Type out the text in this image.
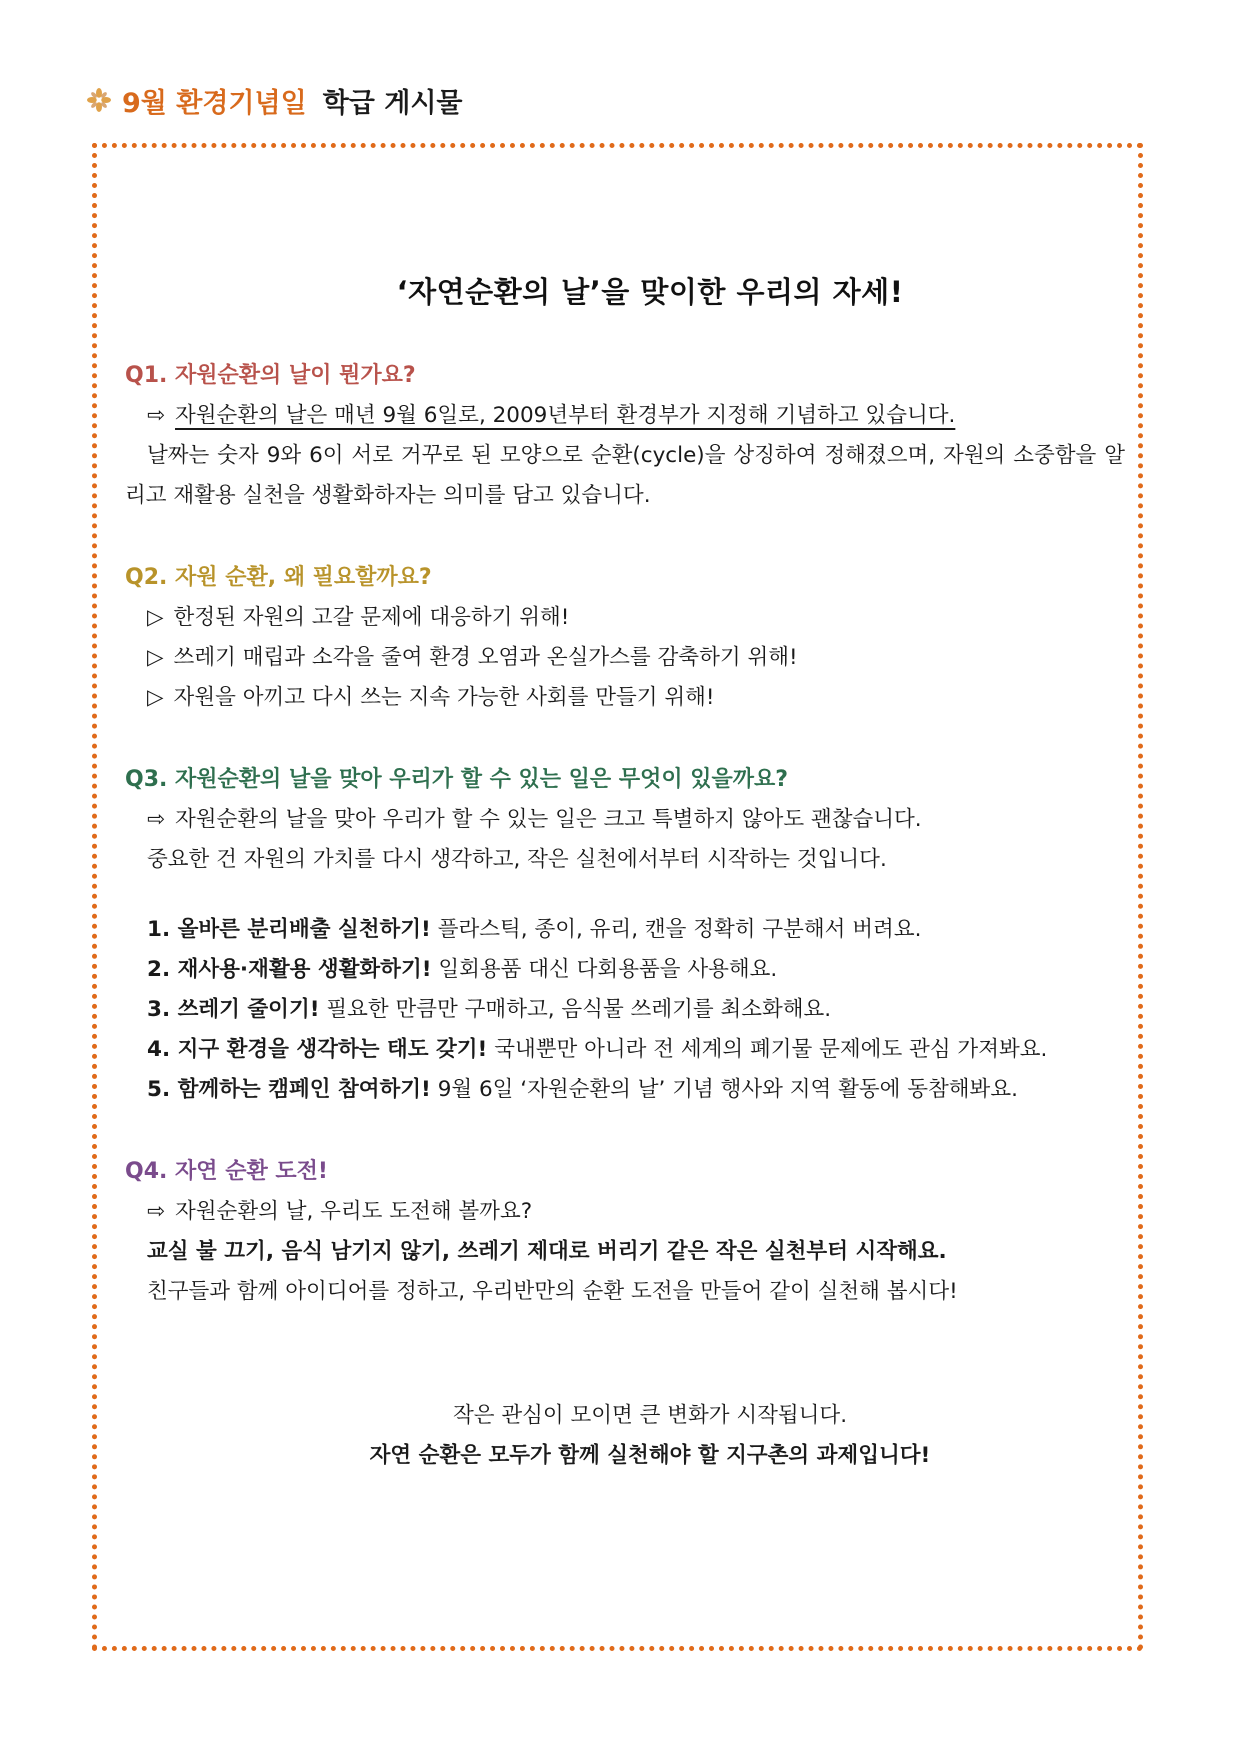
9월 환경기념일 학급 게시물

‘자연순환의 날’을 맞이한 우리의 자세!

Q1. 자원순환의 날이 뭔가요?

⇨ 자원순환의 날은 매년 9월 6일로, 2009년부터 환경부가 지정해 기념하고 있습니다.

날짜는 숫자 9와 6이 서로 거꾸로 된 모양으로 순환(cycle)을 상징하여 정해졌으며, 자원의 소중함을 알리고 재활용 실천을 생활화하자는 의미를 담고 있습니다.

Q2. 자원 순환, 왜 필요할까요?

▷ 한정된 자원의 고갈 문제에 대응하기 위해!

▷ 쓰레기 매립과 소각을 줄여 환경 오염과 온실가스를 감축하기 위해!

▷ 자원을 아끼고 다시 쓰는 지속 가능한 사회를 만들기 위해!

Q3. 자원순환의 날을 맞아 우리가 할 수 있는 일은 무엇이 있을까요?

⇨ 자원순환의 날을 맞아 우리가 할 수 있는 일은 크고 특별하지 않아도 괜찮습니다.

중요한 건 자원의 가치를 다시 생각하고, 작은 실천에서부터 시작하는 것입니다.

1. 올바른 분리배출 실천하기! 플라스틱, 종이, 유리, 캔을 정확히 구분해서 버려요.

2. 재사용·재활용 생활화하기! 일회용품 대신 다회용품을 사용해요.

3. 쓰레기 줄이기! 필요한 만큼만 구매하고, 음식물 쓰레기를 최소화해요.

4. 지구 환경을 생각하는 태도 갖기! 국내뿐만 아니라 전 세계의 폐기물 문제에도 관심 가져봐요.

5. 함께하는 캠페인 참여하기! 9월 6일 ‘자원순환의 날’ 기념 행사와 지역 활동에 동참해봐요.

Q4. 자연 순환 도전!

⇨ 자원순환의 날, 우리도 도전해 볼까요?

교실 불 끄기, 음식 남기지 않기, 쓰레기 제대로 버리기 같은 작은 실천부터 시작해요.

친구들과 함께 아이디어를 정하고, 우리반만의 순환 도전을 만들어 같이 실천해 봅시다!

작은 관심이 모이면 큰 변화가 시작됩니다.

자연 순환은 모두가 함께 실천해야 할 지구촌의 과제입니다!
